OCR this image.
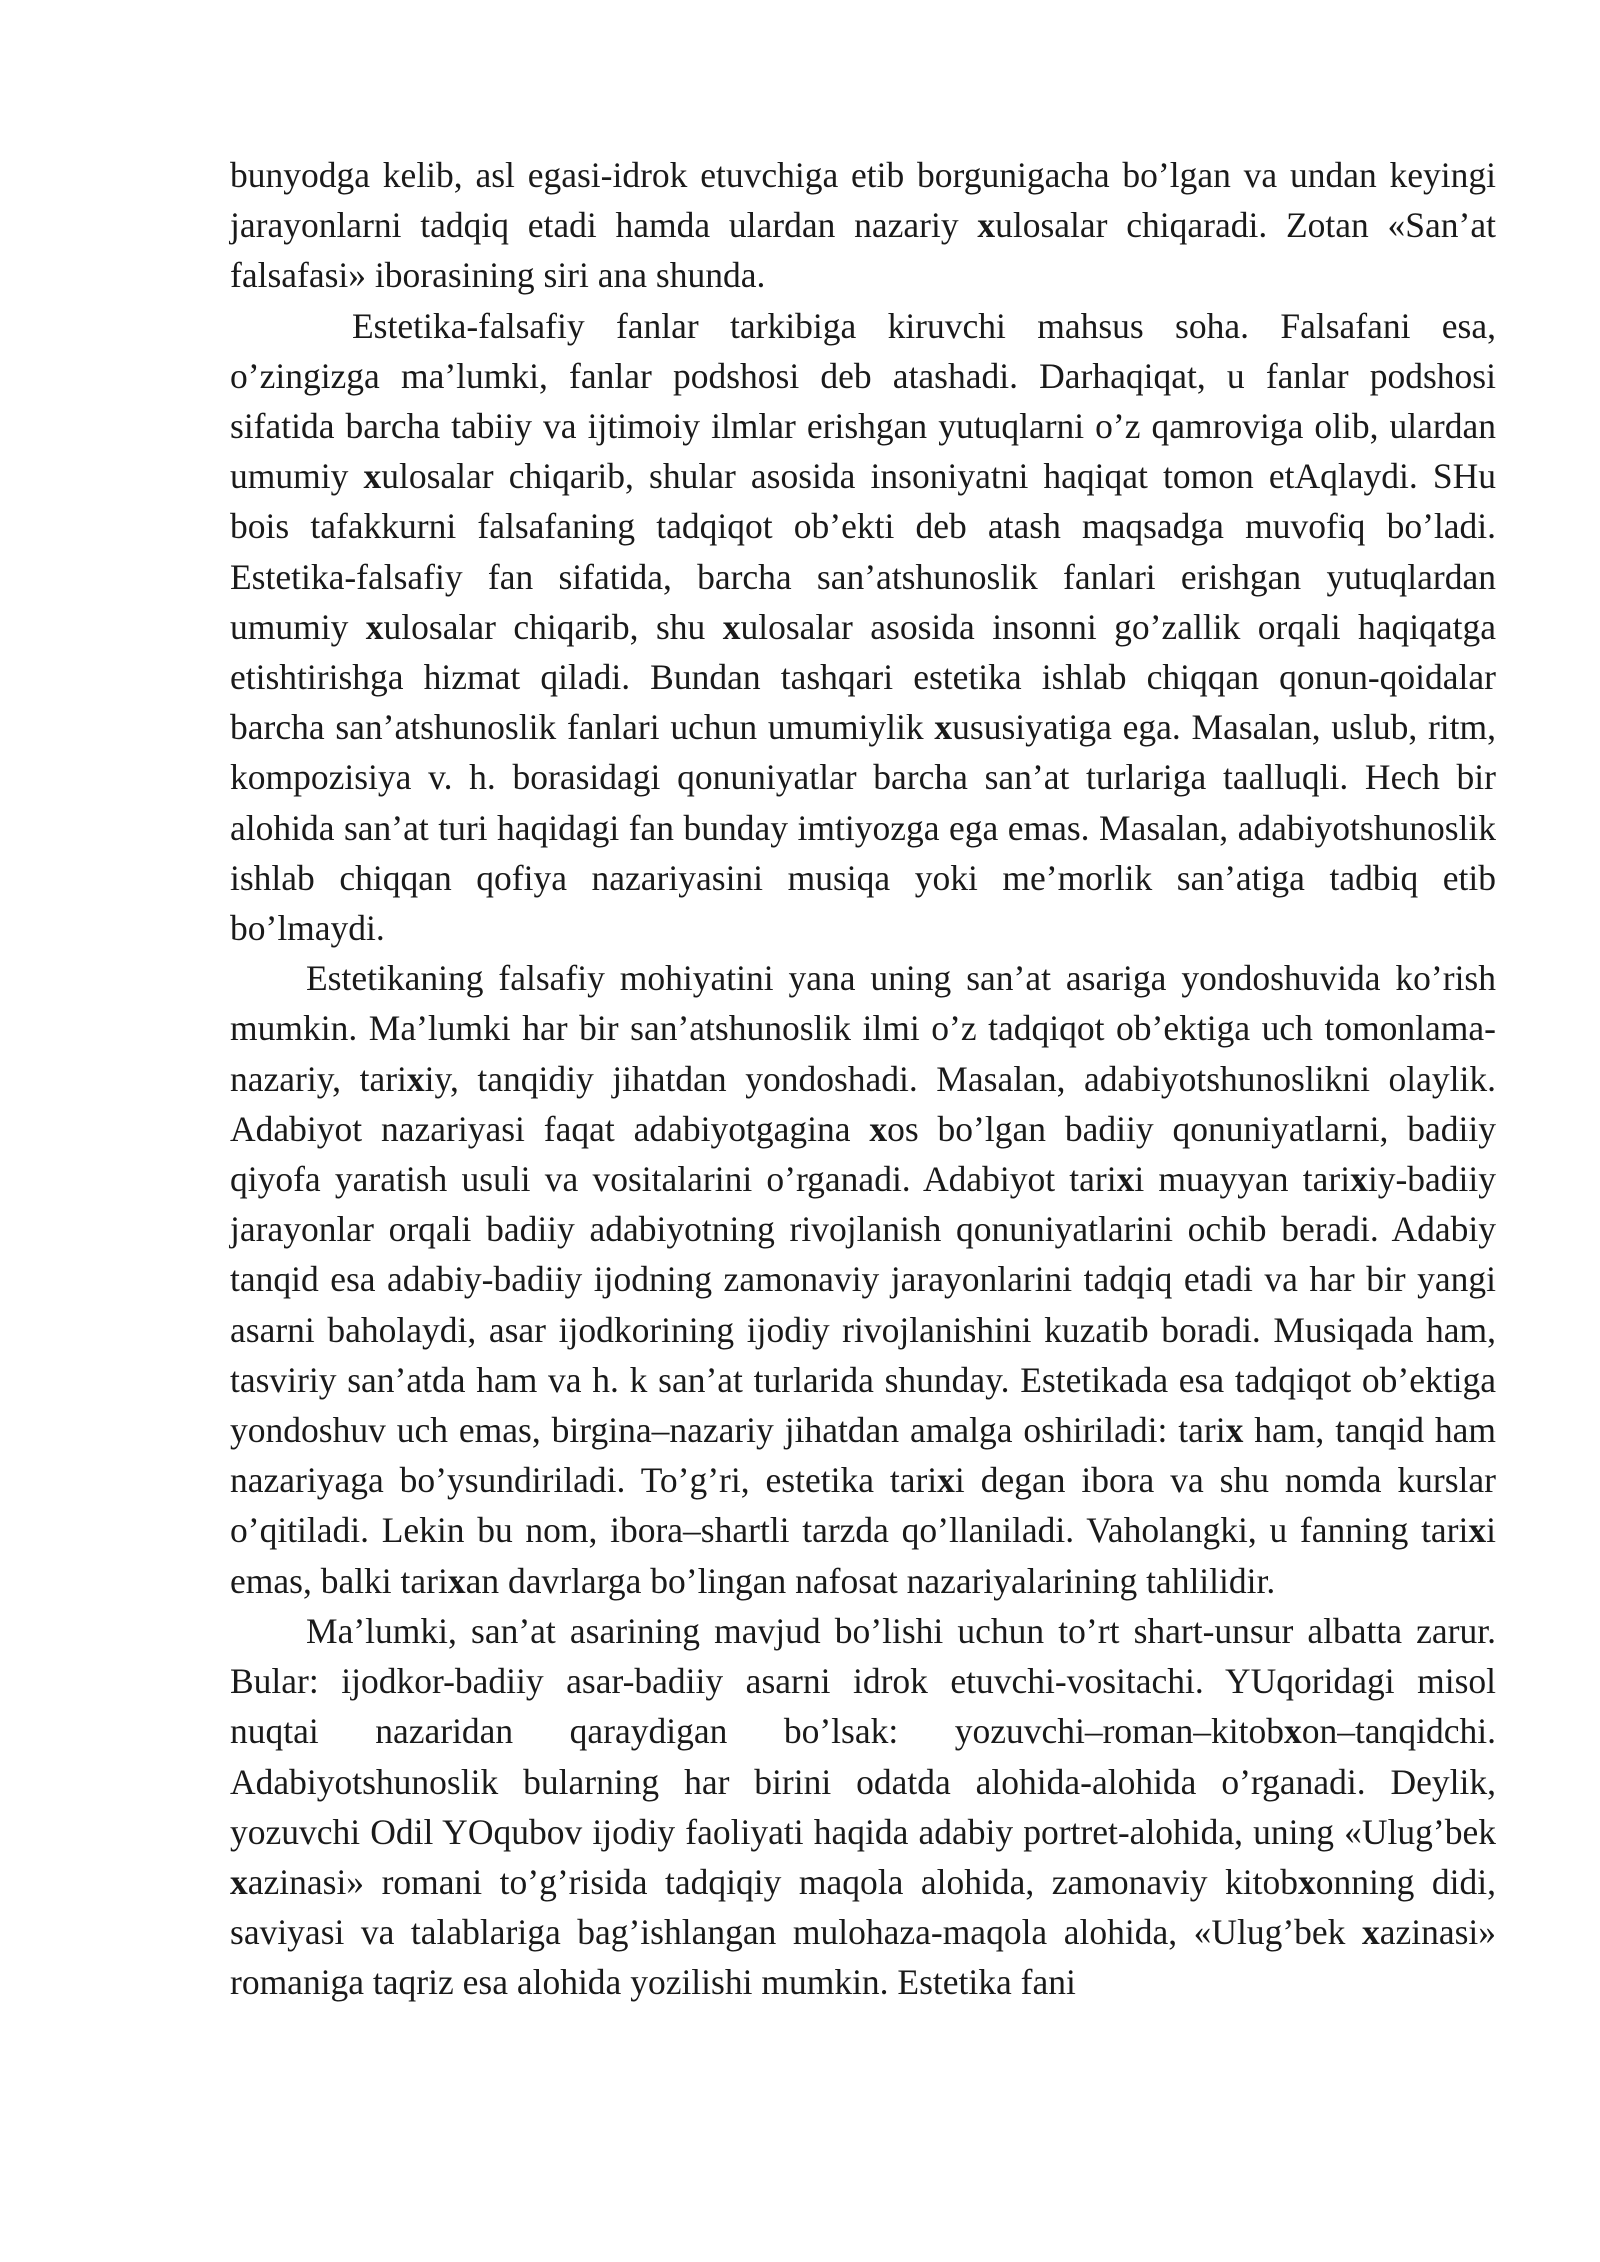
bunyodga kelib, asl egasi-idrok etuvchiga etib borgunigacha bo’lgan va undan keyingi jarayonlarni tadqiq etadi hamda ulardan nazariy xulosalar chiqaradi. Zotan «San’at falsafasi» iborasining siri ana shunda.

Estetika-falsafiy fanlar tarkibiga kiruvchi mahsus soha. Falsafani esa, o’zingizga ma’lumki, fanlar podshosi deb atashadi. Darhaqiqat, u fanlar podshosi sifatida barcha tabiiy va ijtimoiy ilmlar erishgan yutuqlarni o’z qamroviga olib, ulardan umumiy xulosalar chiqarib, shular asosida insoniyatni haqiqat tomon etAqlaydi. SHu bois tafakkurni falsafaning tadqiqot ob’ekti deb atash maqsadga muvofiq bo’ladi. Estetika-falsafiy fan sifatida, barcha san’atshunoslik fanlari erishgan yutuqlardan umumiy xulosalar chiqarib, shu xulosalar asosida insonni go’zallik orqali haqiqatga etishtirishga hizmat qiladi. Bundan tashqari estetika ishlab chiqqan qonun-qoidalar barcha san’atshunoslik fanlari uchun umumiylik xususiyatiga ega. Masalan, uslub, ritm, kompozisiya v. h. borasidagi qonuniyatlar barcha san’at turlariga taalluqli. Hech bir alohida san’at turi haqidagi fan bunday imtiyozga ega emas. Masalan, adabiyotshunoslik ishlab chiqqan qofiya nazariyasini musiqa yoki me’morlik san’atiga tadbiq etib bo’lmaydi.

Estetikaning falsafiy mohiyatini yana uning san’at asariga yondoshuvida ko’rish mumkin. Ma’lumki har bir san’atshunoslik ilmi o’z tadqiqot ob’ektiga uch tomonlama- nazariy, tarixiy, tanqidiy jihatdan yondoshadi. Masalan, adabiyotshunoslikni olaylik. Adabiyot nazariyasi faqat adabiyotgagina xos bo’lgan badiiy qonuniyatlarni, badiiy qiyofa yaratish usuli va vositalarini o’rganadi. Adabiyot tarixi muayyan tarixiy-badiiy jarayonlar orqali badiiy adabiyotning rivojlanish qonuniyatlarini ochib beradi. Adabiy tanqid esa adabiy-badiiy ijodning zamonaviy jarayonlarini tadqiq etadi va har bir yangi asarni baholaydi, asar ijodkorining ijodiy rivojlanishini kuzatib boradi. Musiqada ham, tasviriy san’atda ham va h. k san’at turlarida shunday. Estetikada esa tadqiqot ob’ektiga yondoshuv uch emas, birgina–nazariy jihatdan amalga oshiriladi: tarix ham, tanqid ham nazariyaga bo’ysundiriladi. To’g’ri, estetika tarixi degan ibora va shu nomda kurslar o’qitiladi. Lekin bu nom, ibora–shartli tarzda qo’llaniladi. Vaholangki, u fanning tarixi emas, balki tarixan davrlarga bo’lingan nafosat nazariyalarining tahlilidir.

Ma’lumki, san’at asarining mavjud bo’lishi uchun to’rt shart-unsur albatta zarur. Bular: ijodkor-badiiy asar-badiiy asarni idrok etuvchi-vositachi. YUqoridagi misol nuqtai nazaridan qaraydigan bo’lsak: yozuvchi–roman–kitobxon–tanqidchi. Adabiyotshunoslik bularning har birini odatda alohida-alohida o’rganadi. Deylik, yozuvchi Odil YOqubov ijodiy faoliyati haqida adabiy portret-alohida, uning «Ulug’bek xazinasi» romani to’g’risida tadqiqiy maqola alohida, zamonaviy kitobxonning didi, saviyasi va talablariga bag’ishlangan mulohaza-maqola alohida, «Ulug’bek xazinasi» romaniga taqriz esa alohida yozilishi mumkin. Estetika fani
